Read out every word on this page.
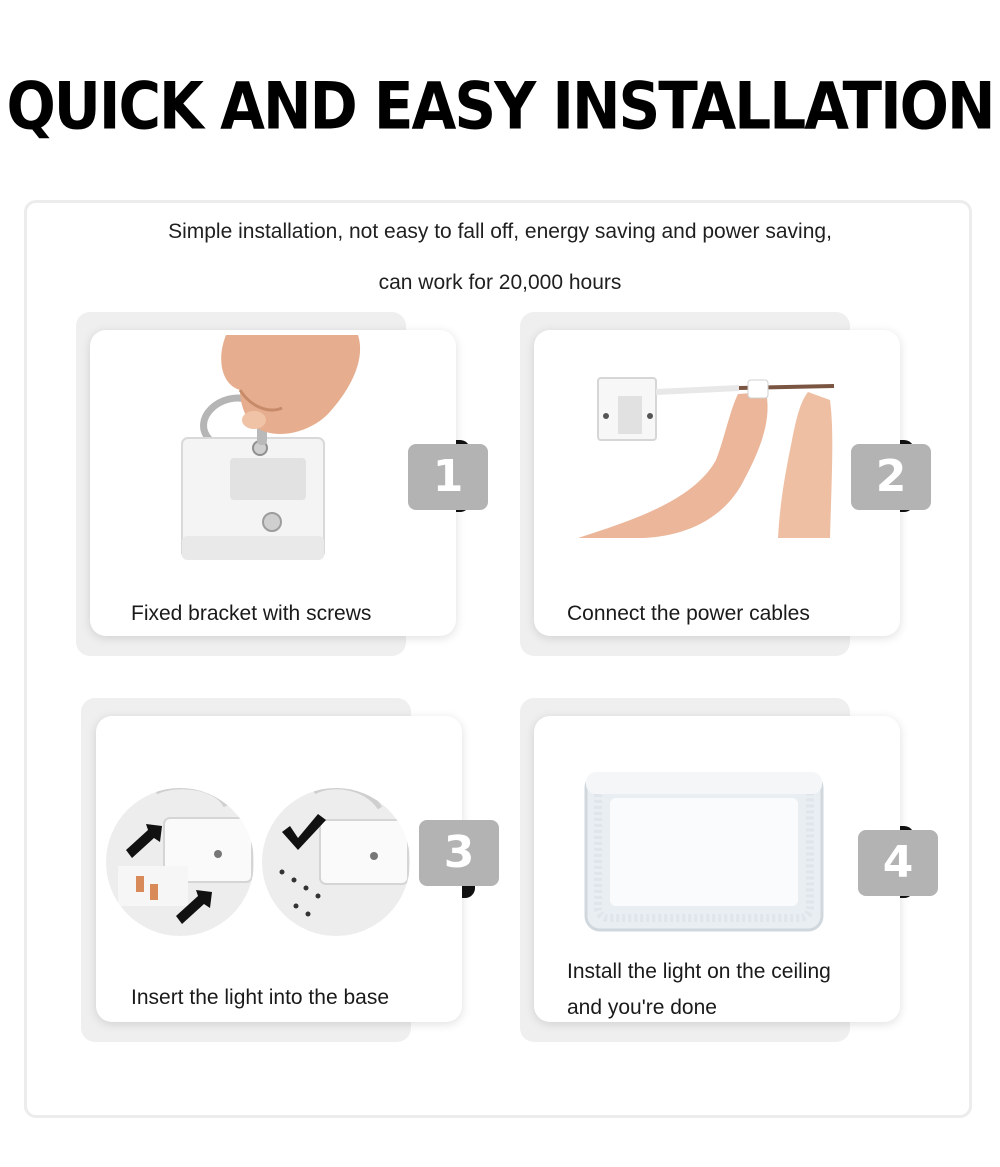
QUICK AND EASY INSTALLATION
Simple installation, not easy to fall off, energy saving and power saving,
can work for 20,000 hours
Fixed bracket with screws
1
Connect the power cables
2
Insert the light into the base
3
Install the light on the ceiling
and you're done
4
